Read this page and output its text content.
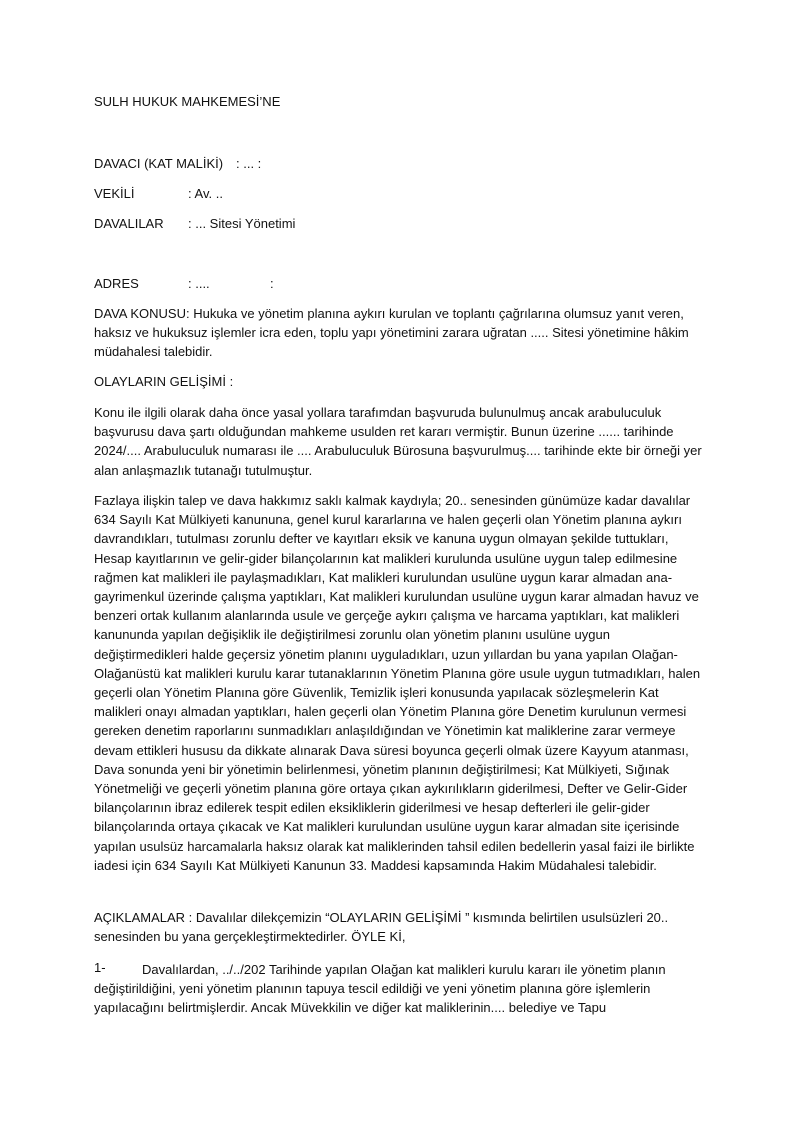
SULH HUKUK MAHKEMESİ’NE
DAVACI (KAT MALİKİ) : ... :
VEKİLİ	: Av. ..
DAVALILAR : ... Sitesi Yönetimi
ADRES	: ....	:
DAVA KONUSU: Hukuka ve yönetim planına aykırı kurulan ve toplantı çağrılarına olumsuz yanıt veren, haksız ve hukuksuz işlemler icra eden, toplu yapı yönetimini zarara uğratan ..... Sitesi yönetimine hâkim müdahalesi talebidir.
OLAYLARIN GELİŞİMİ :
Konu ile ilgili olarak daha önce yasal yollara tarafımdan başvuruda bulunulmuş ancak arabuluculuk başvurusu dava şartı olduğundan mahkeme usulden ret kararı vermiştir. Bunun üzerine ...... tarihinde 2024/.... Arabuluculuk numarası ile .... Arabuluculuk Bürosuna başvurulmuş.... tarihinde ekte bir örneği yer alan anlaşmazlık tutanağı tutulmuştur.
Fazlaya ilişkin talep ve dava hakkımız saklı kalmak kaydıyla; 20.. senesinden günümüze kadar davalılar 634 Sayılı Kat Mülkiyeti kanununa, genel kurul kararlarına ve halen geçerli olan Yönetim planına aykırı davrandıkları, tutulması zorunlu defter ve kayıtları eksik ve kanuna uygun olmayan şekilde tuttukları, Hesap kayıtlarının ve gelir-gider bilançolarının kat malikleri kurulunda usulüne uygun talep edilmesine rağmen kat malikleri ile paylaşmadıkları, Kat malikleri kurulundan usulüne uygun karar almadan ana-gayrimenkul üzerinde çalışma yaptıkları, Kat malikleri kurulundan usulüne uygun karar almadan havuz ve benzeri ortak kullanım alanlarında usule ve gerçeğe aykırı çalışma ve harcama yaptıkları, kat malikleri kanununda yapılan değişiklik ile değiştirilmesi zorunlu olan yönetim planını usulüne uygun değiştirmedikleri halde geçersiz yönetim planını uyguladıkları, uzun yıllardan bu yana yapılan Olağan-Olağanüstü kat malikleri kurulu karar tutanaklarının Yönetim Planına göre usule uygun tutmadıkları, halen geçerli olan Yönetim Planına göre Güvenlik, Temizlik işleri konusunda yapılacak sözleşmelerin Kat malikleri onayı almadan yaptıkları, halen geçerli olan Yönetim Planına göre Denetim kurulunun vermesi gereken denetim raporlarını sunmadıkları anlaşıldığından ve Yönetimin kat maliklerine zarar vermeye devam ettikleri hususu da dikkate alınarak Dava süresi boyunca geçerli olmak üzere Kayyum atanması, Dava sonunda yeni bir yönetimin belirlenmesi, yönetim planının değiştirilmesi; Kat Mülkiyeti, Sığınak Yönetmeliği ve geçerli yönetim planına göre ortaya çıkan aykırılıkların giderilmesi, Defter ve Gelir-Gider bilançolarının ibraz edilerek tespit edilen eksikliklerin giderilmesi ve hesap defterleri ile gelir-gider bilançolarında ortaya çıkacak ve Kat malikleri kurulundan usulüne uygun karar almadan site içerisinde yapılan usulsüz harcamalarla haksız olarak kat maliklerinden tahsil edilen bedellerin yasal faizi ile birlikte iadesi için 634 Sayılı Kat Mülkiyeti Kanunun 33. Maddesi kapsamında Hakim Müdahalesi talebidir.
AÇIKLAMALAR : Davalılar dilekçemizin “OLAYLARIN GELİŞİMİ ” kısmında belirtilen usulsüzleri 20.. senesinden bu yana gerçekleştirmektedirler. ÖYLE Kİ,
1-	Davalılardan, ../../202 Tarihinde yapılan Olağan kat malikleri kurulu kararı ile yönetim planın değiştirildiğini, yeni yönetim planının tapuya tescil edildiği ve yeni yönetim planına göre işlemlerin yapılacağını belirtmişlerdir. Ancak Müvekkilin ve diğer kat maliklerinin.... belediye ve Tapu
